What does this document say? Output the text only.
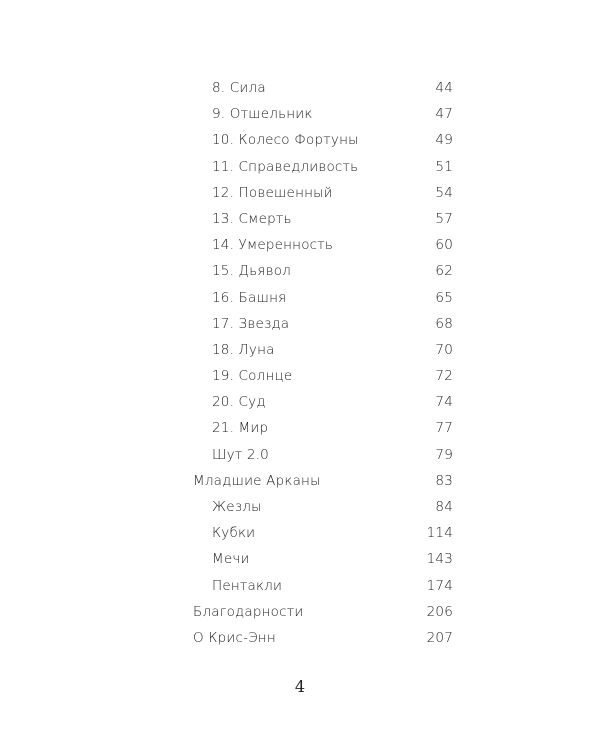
8. Сила	44
9. Отшельник	47
10. Колесо Фортуны	49
11. Справедливость	51
12. Повешенный	54
13. Смерть	57
14. Умеренность	60
15. Дьявол	62
16. Башня	65
17. Звезда	68
18. Луна	70
19. Солнце	72
20. Суд	74
21. Мир	77
Шут 2.0	79
Младшие Арканы	83
Жезлы	84
Кубки	114
Мечи	143
Пентакли	174
Благодарности	206
О Крис-Энн	207
4
